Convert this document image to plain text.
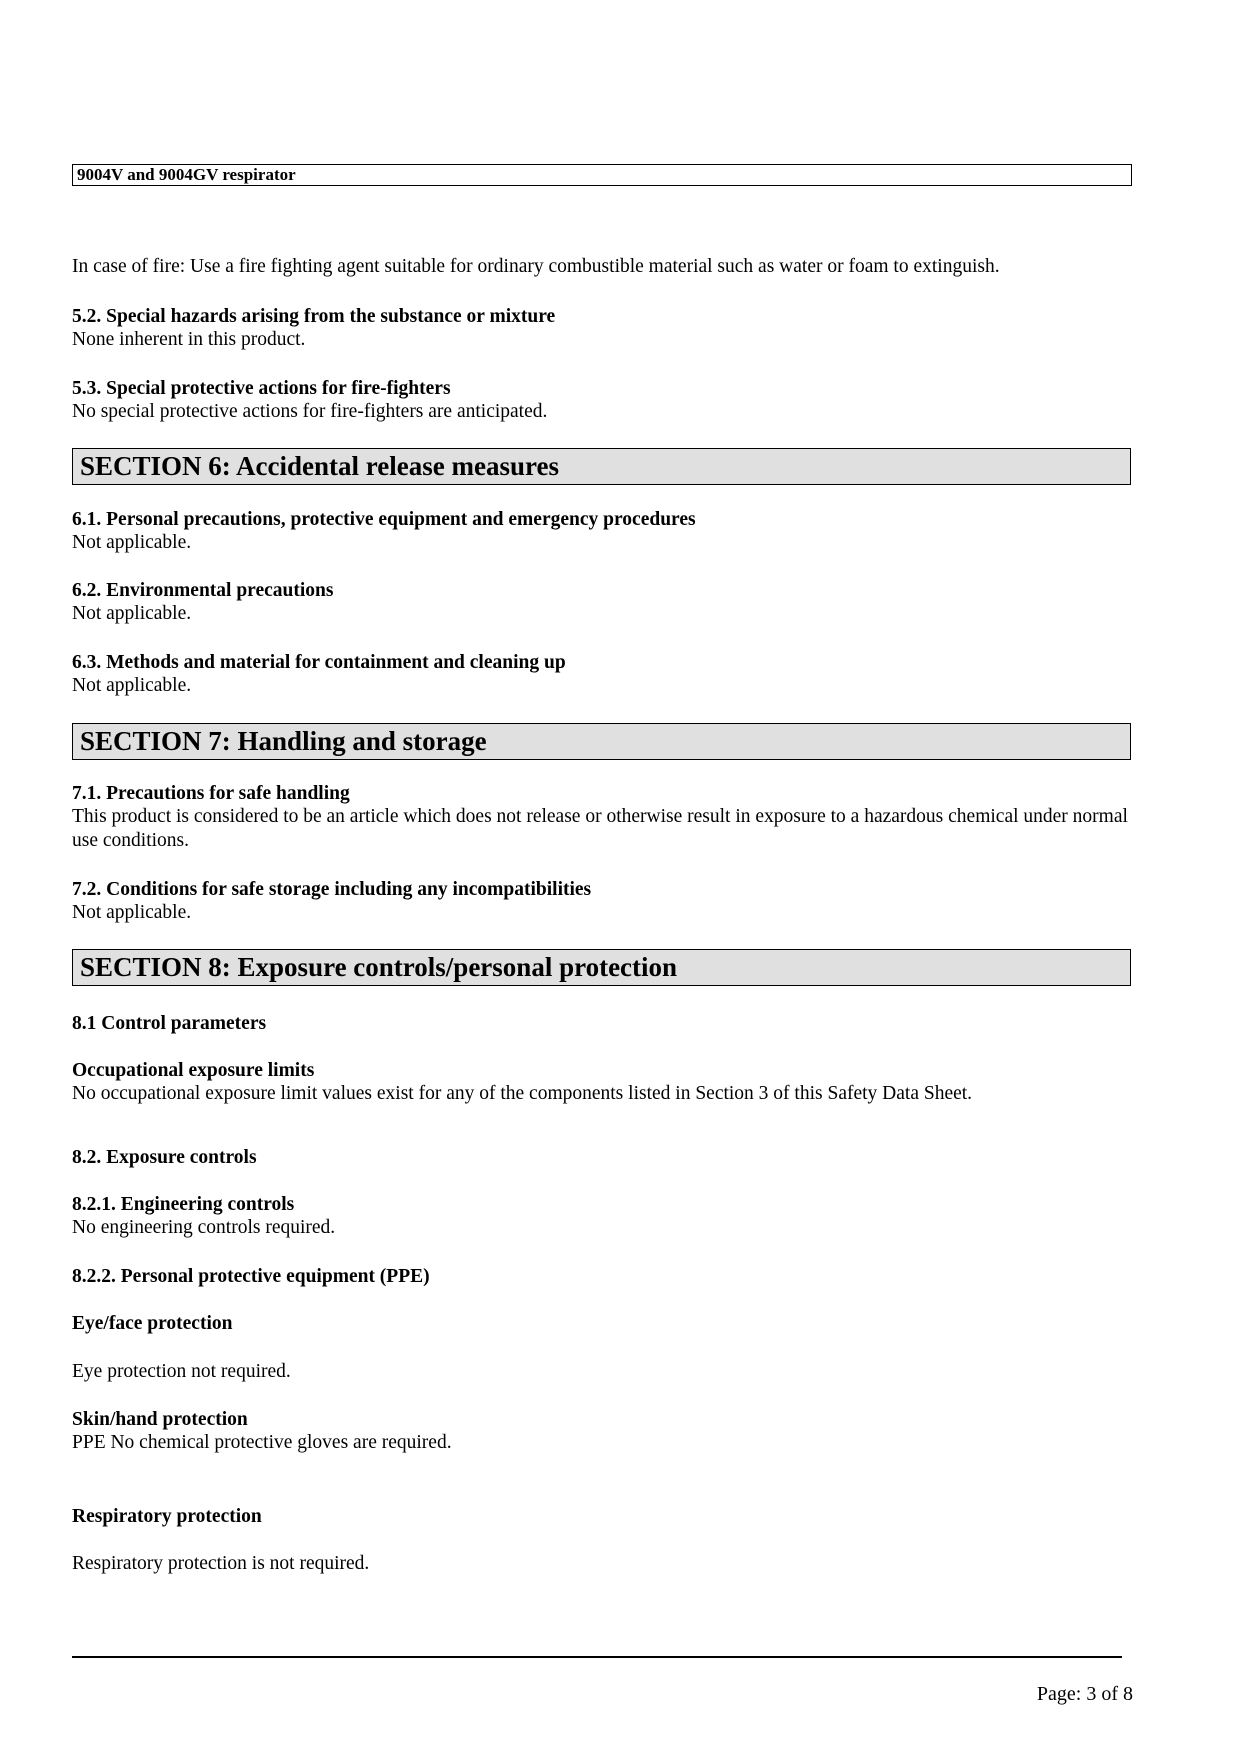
9004V and 9004GV respirator
In case of fire: Use a fire fighting agent suitable for ordinary combustible material such as water or foam to extinguish.
5.2. Special hazards arising from the substance or mixture
None inherent in this product.
5.3. Special protective actions for fire-fighters
No special protective actions for fire-fighters are anticipated.
SECTION 6: Accidental release measures
6.1. Personal precautions, protective equipment and emergency procedures
Not applicable.
6.2. Environmental precautions
Not applicable.
6.3. Methods and material for containment and cleaning up
Not applicable.
SECTION 7: Handling and storage
7.1. Precautions for safe handling
This product is considered to be an article which does not release or otherwise result in exposure to a hazardous chemical under normal use conditions.
7.2. Conditions for safe storage including any incompatibilities
Not applicable.
SECTION 8: Exposure controls/personal protection
8.1 Control parameters
Occupational exposure limits
No occupational exposure limit values exist for any of the components listed in Section 3 of this Safety Data Sheet.
8.2. Exposure controls
8.2.1. Engineering controls
No engineering controls required.
8.2.2. Personal protective equipment (PPE)
Eye/face protection
Eye protection not required.
Skin/hand protection
PPE No chemical protective gloves are required.
Respiratory protection
Respiratory protection is not required.
Page: 3 of 8
